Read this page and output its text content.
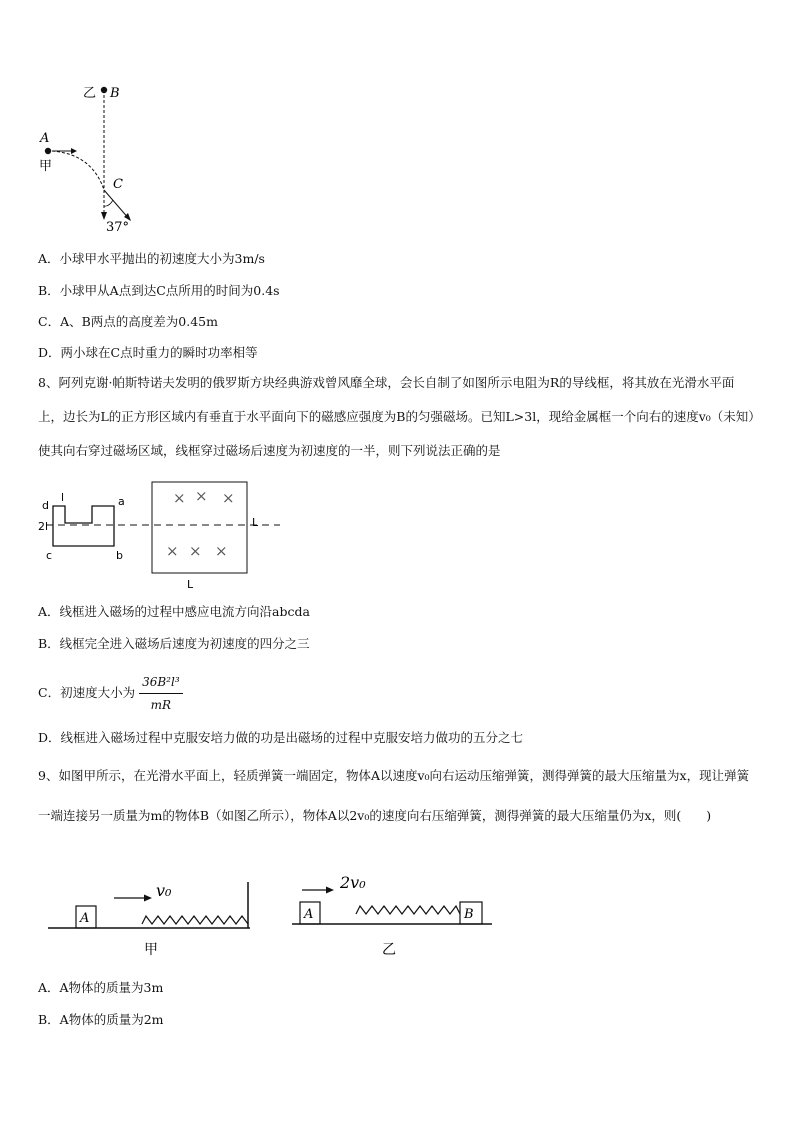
乙 B
A
甲
C
37°
A．小球甲水平抛出的初速度大小为3m/s
B．小球甲从A点到达C点所用的时间为0.4s
C．A、B两点的高度差为0.45m
D．两小球在C点时重力的瞬时功率相等
8、阿列克谢·帕斯特诺夫发明的俄罗斯方块经典游戏曾风靡全球，会长自制了如图所示电阻为R的导线框，将其放在光滑水平面上，边长为L的正方形区域内有垂直于水平面向下的磁感应强度为B的匀强磁场。已知L>3l，现给金属框一个向右的速度v₀（未知）使其向右穿过磁场区域，线框穿过磁场后速度为初速度的一半，则下列说法正确的是
d
l	a
2l
c	b
× × ×
× × ×
L
L
A．线框进入磁场的过程中感应电流方向沿abcda
B．线框完全进入磁场后速度为初速度的四分之三
C．初速度大小为 $\frac{\text{36B²l³}}{mR}$
D．线框进入磁场过程中克服安培力做的功是出磁场的过程中克服安培力做功的五分之七
9、如图甲所示，在光滑水平面上，轻质弹簧一端固定，物体A以速度v₀向右运动压缩弹簧，测得弹簧的最大压缩量为x，现让弹簧一端连接另一质量为m的物体B（如图乙所示），物体A以2v₀的速度向右压缩弹簧，测得弹簧的最大压缩量仍为x，则(　　)
A
v₀
甲
A
2v₀
B
乙
A．A物体的质量为3m
B．A物体的质量为2m
